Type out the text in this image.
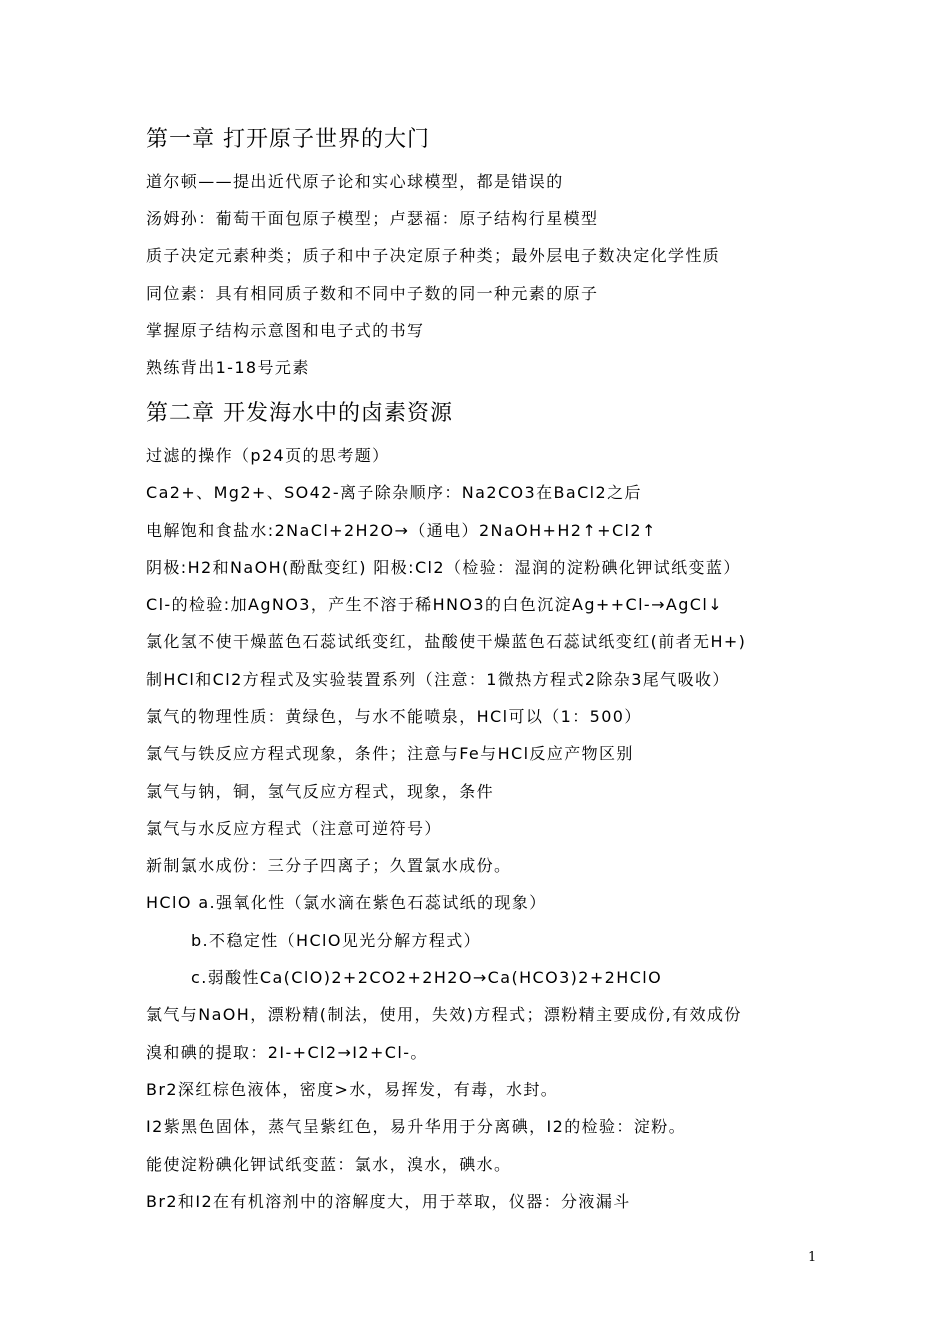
第一章 打开原子世界的大门
道尔顿——提出近代原子论和实心球模型，都是错误的
汤姆孙：葡萄干面包原子模型；卢瑟福：原子结构行星模型
质子决定元素种类；质子和中子决定原子种类；最外层电子数决定化学性质
同位素：具有相同质子数和不同中子数的同一种元素的原子
掌握原子结构示意图和电子式的书写
熟练背出1-18号元素
第二章 开发海水中的卤素资源
过滤的操作（p24页的思考题）
Ca2+、Mg2+、SO42-离子除杂顺序：Na2CO3在BaCl2之后
电解饱和食盐水:2NaCl+2H2O→（通电）2NaOH+H2↑+Cl2↑
阴极:H2和NaOH(酚酞变红) 阳极:Cl2（检验：湿润的淀粉碘化钾试纸变蓝）
Cl-的检验:加AgNO3，产生不溶于稀HNO3的白色沉淀Ag++Cl-→AgCl↓
氯化氢不使干燥蓝色石蕊试纸变红，盐酸使干燥蓝色石蕊试纸变红(前者无H+)
制HCl和Cl2方程式及实验装置系列（注意：1微热方程式2除杂3尾气吸收）
氯气的物理性质：黄绿色，与水不能喷泉，HCl可以（1：500）
氯气与铁反应方程式现象，条件；注意与Fe与HCl反应产物区别
氯气与钠，铜，氢气反应方程式，现象，条件
氯气与水反应方程式（注意可逆符号）
新制氯水成份：三分子四离子；久置氯水成份。
HClO a.强氧化性（氯水滴在紫色石蕊试纸的现象）
b.不稳定性（HClO见光分解方程式）
c.弱酸性Ca(ClO)2+2CO2+2H2O→Ca(HCO3)2+2HClO
氯气与NaOH，漂粉精(制法，使用，失效)方程式；漂粉精主要成份,有效成份
溴和碘的提取：2I-+Cl2→I2+Cl-。
Br2深红棕色液体，密度>水，易挥发，有毒，水封。
I2紫黑色固体，蒸气呈紫红色，易升华用于分离碘，I2的检验：淀粉。
能使淀粉碘化钾试纸变蓝：氯水，溴水，碘水。
Br2和I2在有机溶剂中的溶解度大，用于萃取，仪器：分液漏斗
1
